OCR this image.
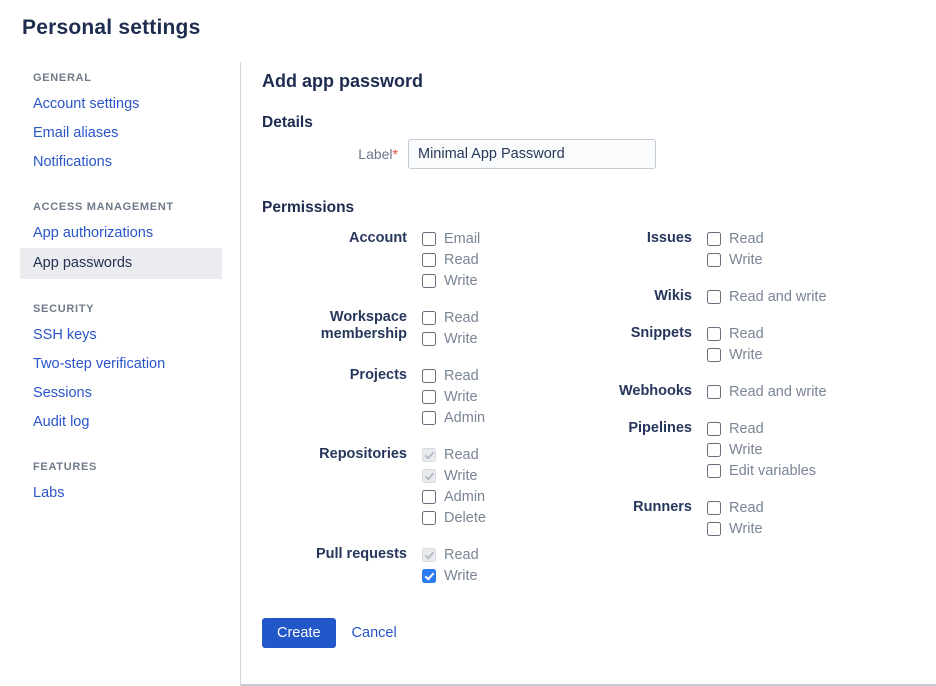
Personal settings
GENERAL
Account settings
Email aliases
Notifications
ACCESS MANAGEMENT
App authorizations
App passwords
SECURITY
SSH keys
Two-step verification
Sessions
Audit log
FEATURES
Labs
Add app password
Details
Label*
Minimal App Password
Permissions
Account	Email
Read
Write
Workspace membership
Read
Write
Projects	Read
Write
Admin
Repositories	Read
Write
Admin
Delete
Pull requests	Read
Write
Issues	Read
Write
Wikis	Read and write
Snippets	Read
Write
Webhooks	Read and write
Pipelines	Read
Write
Edit variables
Runners	Read
Write
Create	Cancel
